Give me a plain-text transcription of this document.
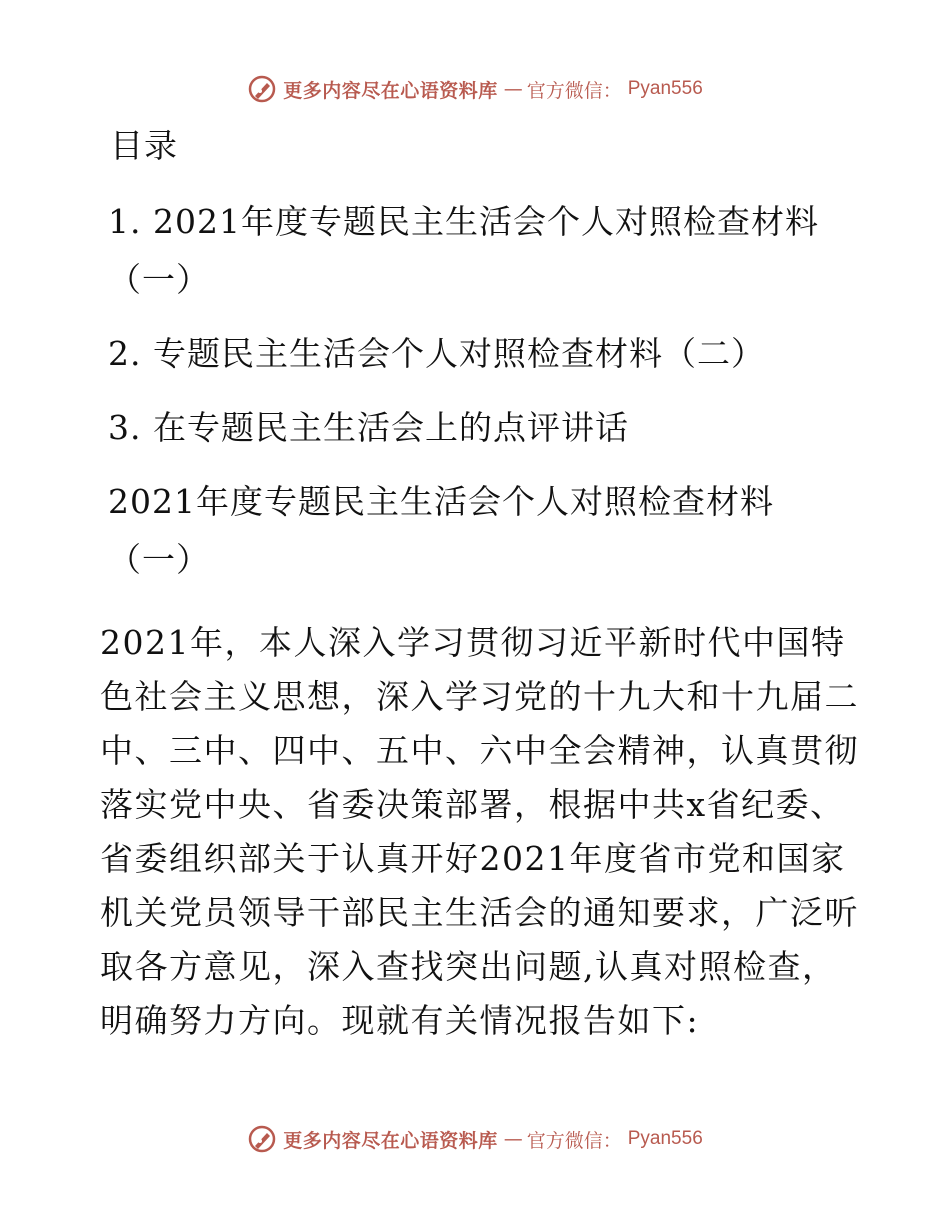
更多内容尽在心语资料库 — 官方微信： Pyan556
目录
1. 2021年度专题民主生活会个人对照检查材料
（一）
2. 专题民主生活会个人对照检查材料（二）
3. 在专题民主生活会上的点评讲话
2021年度专题民主生活会个人对照检查材料
（一）
2021年，本人深入学习贯彻习近平新时代中国特
色社会主义思想，深入学习党的十九大和十九届二
中、三中、四中、五中、六中全会精神，认真贯彻
落实党中央、省委决策部署，根据中共x省纪委、
省委组织部关于认真开好2021年度省市党和国家
机关党员领导干部民主生活会的通知要求，广泛听
取各方意见，深入查找突出问题,认真对照检查，
明确努力方向。现就有关情况报告如下:
更多内容尽在心语资料库 — 官方微信： Pyan556
